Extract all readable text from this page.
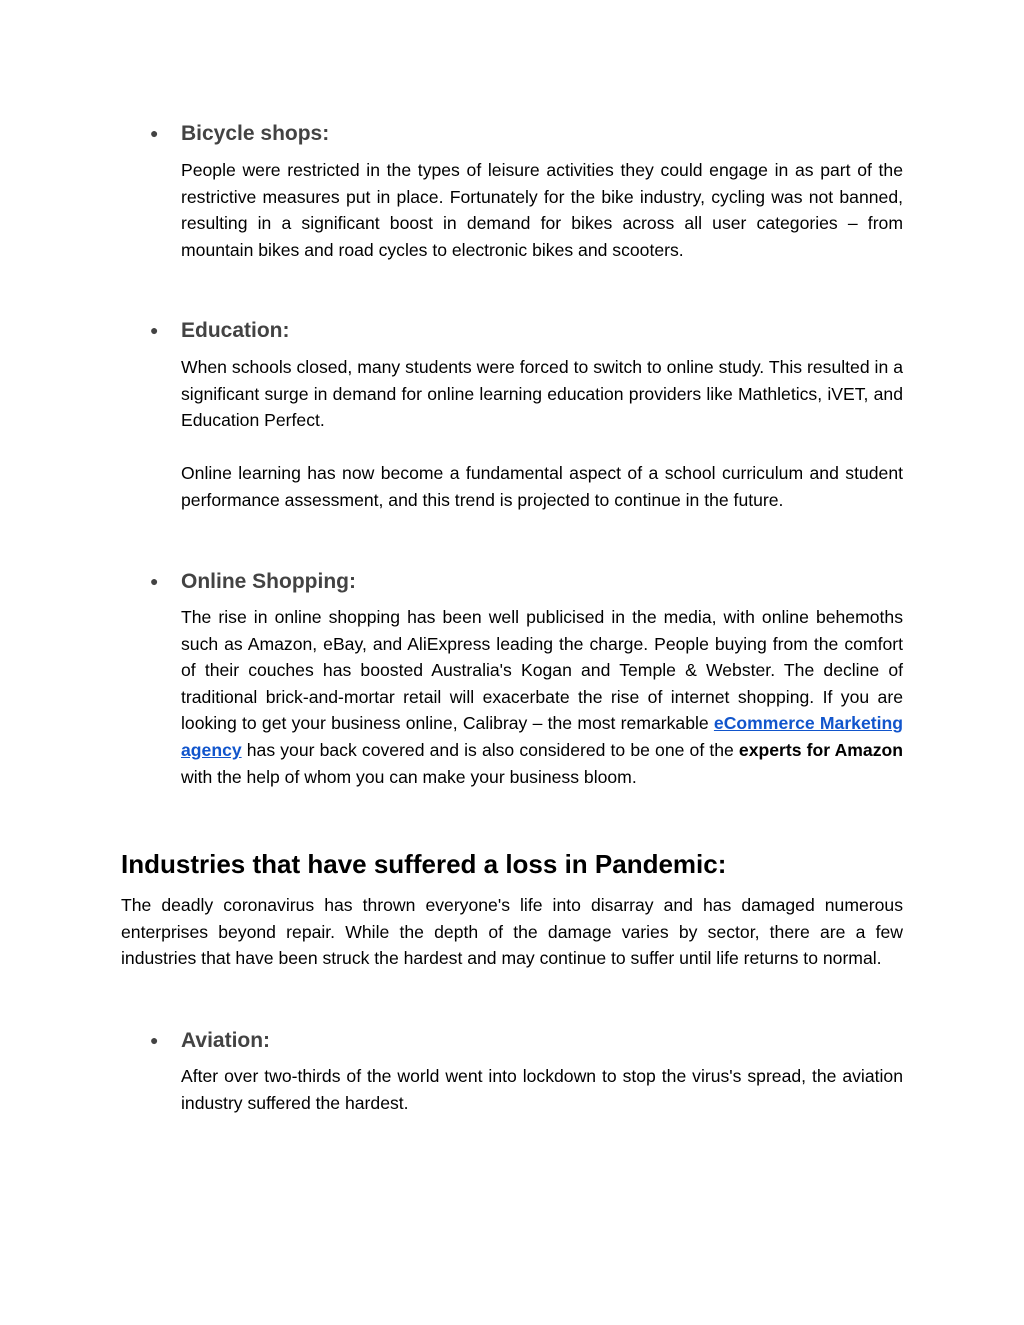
● Bicycle shops:

People were restricted in the types of leisure activities they could engage in as part of the restrictive measures put in place. Fortunately for the bike industry, cycling was not banned, resulting in a significant boost in demand for bikes across all user categories – from mountain bikes and road cycles to electronic bikes and scooters.

● Education:

When schools closed, many students were forced to switch to online study. This resulted in a significant surge in demand for online learning education providers like Mathletics, iVET, and Education Perfect.

Online learning has now become a fundamental aspect of a school curriculum and student performance assessment, and this trend is projected to continue in the future.

● Online Shopping:

The rise in online shopping has been well publicised in the media, with online behemoths such as Amazon, eBay, and AliExpress leading the charge. People buying from the comfort of their couches has boosted Australia's Kogan and Temple & Webster. The decline of traditional brick-and-mortar retail will exacerbate the rise of internet shopping. If you are looking to get your business online, Calibray – the most remarkable eCommerce Marketing agency has your back covered and is also considered to be one of the experts for Amazon with the help of whom you can make your business bloom.

Industries that have suffered a loss in Pandemic:

The deadly coronavirus has thrown everyone's life into disarray and has damaged numerous enterprises beyond repair. While the depth of the damage varies by sector, there are a few industries that have been struck the hardest and may continue to suffer until life returns to normal.

● Aviation:

After over two-thirds of the world went into lockdown to stop the virus's spread, the aviation industry suffered the hardest.
